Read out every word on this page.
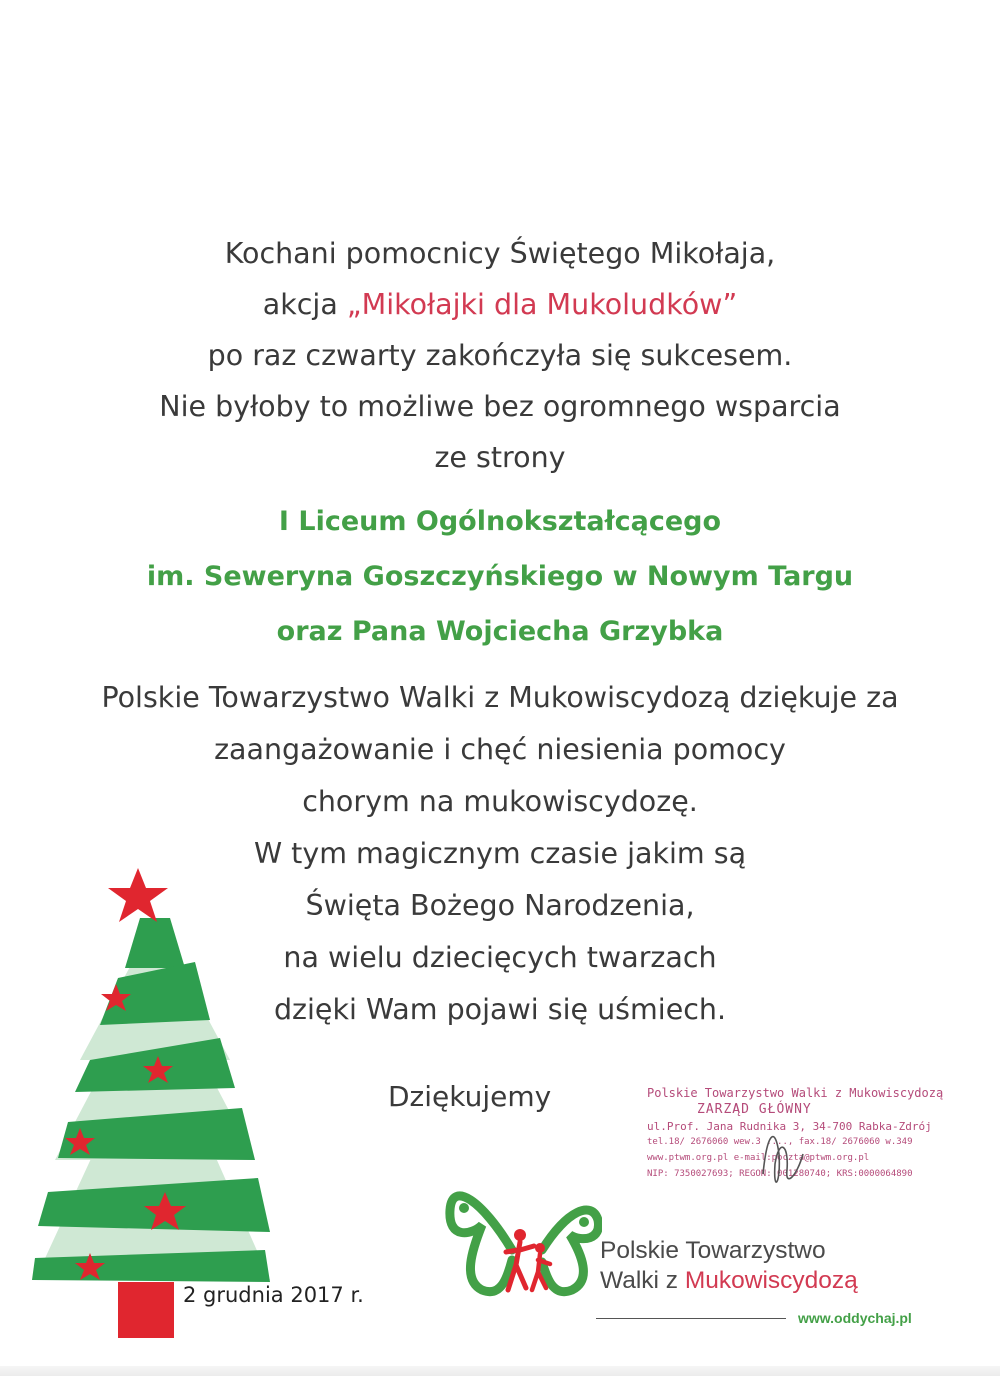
Kochani pomocnicy Świętego Mikołaja,
akcja „Mikołajki dla Mukoludków”
po raz czwarty zakończyła się sukcesem.
Nie byłoby to możliwe bez ogromnego wsparcia
ze strony
I Liceum Ogólnokształcącego
im. Seweryna Goszczyńskiego w Nowym Targu
oraz Pana Wojciecha Grzybka
Polskie Towarzystwo Walki z Mukowiscydozą dziękuje za
zaangażowanie i chęć niesienia pomocy
chorym na mukowiscydozę.
W tym magicznym czasie jakim są
Święta Bożego Narodzenia,
na wielu dziecięcych twarzach
dzięki Wam pojawi się uśmiech.
Dziękujemy
2 grudnia 2017 r.
Polskie Towarzystwo Walki z Mukowiscydozą
ZARZĄD GŁÓWNY
ul.Prof. Jana Rudnika 3, 34-700 Rabka-Zdrój
tel.18/ 2676060 wew.3 ...., fax.18/ 2676060 w.349
www.ptwm.org.pl e-mail:poczta@ptwm.org.pl
NIP: 7350027693; REGON: 001280740; KRS:0000064890
Polskie Towarzystwo
Walki z Mukowiscydozą
www.oddychaj.pl
